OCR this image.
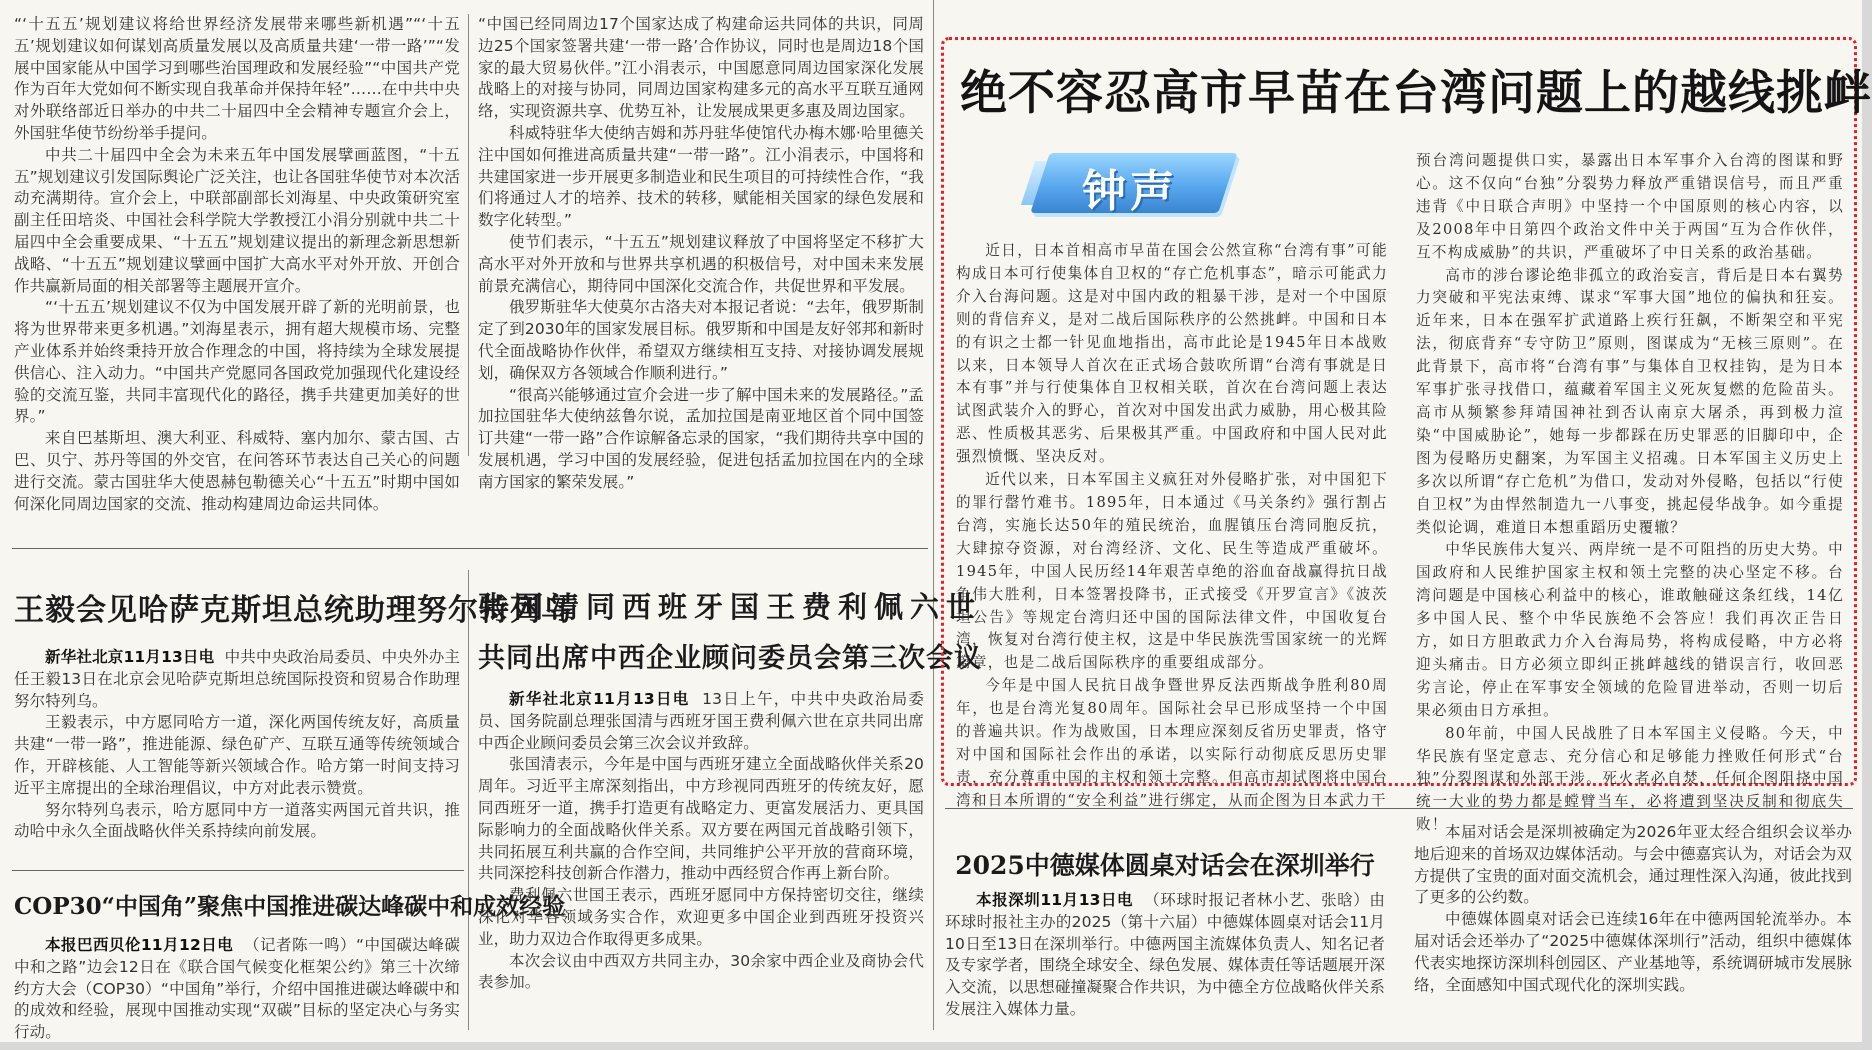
“‘十五五’规划建议将给世界经济发展带来哪些新机遇”“‘十五五’规划建议如何谋划高质量发展以及高质量共建‘一带一路’”“发展中国家能从中国学习到哪些治国理政和发展经验”“中国共产党作为百年大党如何不断实现自我革命并保持年轻”……在中共中央对外联络部近日举办的中共二十届四中全会精神专题宣介会上，外国驻华使节纷纷举手提问。

中共二十届四中全会为未来五年中国发展擘画蓝图，“十五五”规划建议引发国际舆论广泛关注，也让各国驻华使节对本次活动充满期待。宣介会上，中联部副部长刘海星、中央政策研究室副主任田培炎、中国社会科学院大学教授江小涓分别就中共二十届四中全会重要成果、“十五五”规划建议提出的新理念新思想新战略、“十五五”规划建议擘画中国扩大高水平对外开放、开创合作共赢新局面的相关部署等主题展开宣介。

“‘十五五’规划建议不仅为中国发展开辟了新的光明前景，也将为世界带来更多机遇。”刘海星表示，拥有超大规模市场、完整产业体系并始终秉持开放合作理念的中国，将持续为全球发展提供信心、注入动力。“中国共产党愿同各国政党加强现代化建设经验的交流互鉴，共同丰富现代化的路径，携手共建更加美好的世界。”

来自巴基斯坦、澳大利亚、科威特、塞内加尔、蒙古国、古巴、贝宁、苏丹等国的外交官，在问答环节表达自己关心的问题进行交流。蒙古国驻华大使恩赫包勒德关心“十五五”时期中国如何深化同周边国家的交流、推动构建周边命运共同体。

“中国已经同周边17个国家达成了构建命运共同体的共识，同周边25个国家签署共建‘一带一路’合作协议，同时也是周边18个国家的最大贸易伙伴。”江小涓表示，中国愿意同周边国家深化发展战略上的对接与协同，同周边国家构建多元的高水平互联互通网络，实现资源共享、优势互补，让发展成果更多惠及周边国家。

科威特驻华大使纳吉姆和苏丹驻华使馆代办梅木娜·哈里德关注中国如何推进高质量共建“一带一路”。江小涓表示，中国将和共建国家进一步开展更多制造业和民生项目的可持续性合作，“我们将通过人才的培养、技术的转移，赋能相关国家的绿色发展和数字化转型。”

使节们表示，“十五五”规划建议释放了中国将坚定不移扩大高水平对外开放和与世界共享机遇的积极信号，对中国未来发展前景充满信心，期待同中国深化交流合作，共促世界和平发展。

俄罗斯驻华大使莫尔古洛夫对本报记者说：“去年，俄罗斯制定了到2030年的国家发展目标。俄罗斯和中国是友好邻邦和新时代全面战略协作伙伴，希望双方继续相互支持、对接协调发展规划，确保双方各领域合作顺利进行。”

“很高兴能够通过宣介会进一步了解中国未来的发展路径。”孟加拉国驻华大使纳兹鲁尔说，孟加拉国是南亚地区首个同中国签订共建“一带一路”合作谅解备忘录的国家，“我们期待共享中国的发展机遇，学习中国的发展经验，促进包括孟加拉国在内的全球南方国家的繁荣发展。”

王毅会见哈萨克斯坦总统助理努尔特列乌

新华社北京11月13日电 中共中央政治局委员、中央外办主任王毅13日在北京会见哈萨克斯坦总统国际投资和贸易合作助理努尔特列乌。

王毅表示，中方愿同哈方一道，深化两国传统友好，高质量共建“一带一路”，推进能源、绿色矿产、互联互通等传统领域合作，开辟核能、人工智能等新兴领域合作。哈方第一时间支持习近平主席提出的全球治理倡议，中方对此表示赞赏。

努尔特列乌表示，哈方愿同中方一道落实两国元首共识，推动哈中永久全面战略伙伴关系持续向前发展。

COP30“中国角”聚焦中国推进碳达峰碳中和成效经验

本报巴西贝伦11月12日电 （记者陈一鸣）“中国碳达峰碳中和之路”边会12日在《联合国气候变化框架公约》第三十次缔约方大会（COP30）“中国角”举行，介绍中国推进碳达峰碳中和的成效和经验，展现中国推动实现“双碳”目标的坚定决心与务实行动。

张国清同西班牙国王费利佩六世
共同出席中西企业顾问委员会第三次会议

新华社北京11月13日电 13日上午，中共中央政治局委员、国务院副总理张国清与西班牙国王费利佩六世在京共同出席中西企业顾问委员会第三次会议并致辞。

张国清表示，今年是中国与西班牙建立全面战略伙伴关系20周年。习近平主席深刻指出，中方珍视同西班牙的传统友好，愿同西班牙一道，携手打造更有战略定力、更富发展活力、更具国际影响力的全面战略伙伴关系。双方要在两国元首战略引领下，共同拓展互利共赢的合作空间，共同维护公平开放的营商环境，共同深挖科技创新合作潜力，推动中西经贸合作再上新台阶。

费利佩六世国王表示，西班牙愿同中方保持密切交往，继续深化对华各领域务实合作，欢迎更多中国企业到西班牙投资兴业，助力双边合作取得更多成果。

本次会议由中西双方共同主办，30余家中西企业及商协会代表参加。

绝不容忍高市早苗在台湾问题上的越线挑衅
钟声

近日，日本首相高市早苗在国会公然宣称“台湾有事”可能构成日本可行使集体自卫权的“存亡危机事态”，暗示可能武力介入台海问题。这是对中国内政的粗暴干涉，是对一个中国原则的背信弃义，是对二战后国际秩序的公然挑衅。中国和日本的有识之士都一针见血地指出，高市此论是1945年日本战败以来，日本领导人首次在正式场合鼓吹所谓“台湾有事就是日本有事”并与行使集体自卫权相关联，首次在台湾问题上表达试图武装介入的野心，首次对中国发出武力威胁，用心极其险恶、性质极其恶劣、后果极其严重。中国政府和中国人民对此强烈愤慨、坚决反对。

近代以来，日本军国主义疯狂对外侵略扩张，对中国犯下的罪行罄竹难书。1895年，日本通过《马关条约》强行割占台湾，实施长达50年的殖民统治，血腥镇压台湾同胞反抗，大肆掠夺资源，对台湾经济、文化、民生等造成严重破坏。1945年，中国人民历经14年艰苦卓绝的浴血奋战赢得抗日战争伟大胜利，日本签署投降书，正式接受《开罗宣言》《波茨坦公告》等规定台湾归还中国的国际法律文件，中国收复台湾，恢复对台湾行使主权，这是中华民族洗雪国家统一的光辉篇章，也是二战后国际秩序的重要组成部分。

今年是中国人民抗日战争暨世界反法西斯战争胜利80周年，也是台湾光复80周年。国际社会早已形成坚持一个中国的普遍共识。作为战败国，日本理应深刻反省历史罪责，恪守对中国和国际社会作出的承诺，以实际行动彻底反思历史罪责，充分尊重中国的主权和领土完整。但高市却试图将中国台湾和日本所谓的“安全利益”进行绑定，从而企图为日本武力干

预台湾问题提供口实，暴露出日本军事介入台湾的图谋和野心。这不仅向“台独”分裂势力释放严重错误信号，而且严重违背《中日联合声明》中坚持一个中国原则的核心内容，以及2008年中日第四个政治文件中关于两国“互为合作伙伴，互不构成威胁”的共识，严重破坏了中日关系的政治基础。

高市的涉台谬论绝非孤立的政治妄言，背后是日本右翼势力突破和平宪法束缚、谋求“军事大国”地位的偏执和狂妄。近年来，日本在强军扩武道路上疾行狂飙，不断架空和平宪法，彻底背弃“专守防卫”原则，图谋成为“无核三原则”。在此背景下，高市将“台湾有事”与集体自卫权挂钩，是为日本军事扩张寻找借口，蕴藏着军国主义死灰复燃的危险苗头。高市从频繁参拜靖国神社到否认南京大屠杀，再到极力渲染“中国威胁论”，她每一步都踩在历史罪恶的旧脚印中，企图为侵略历史翻案，为军国主义招魂。日本军国主义历史上多次以所谓“存亡危机”为借口，发动对外侵略，包括以“行使自卫权”为由悍然制造九一八事变，挑起侵华战争。如今重提类似论调，难道日本想重蹈历史覆辙？

中华民族伟大复兴、两岸统一是不可阻挡的历史大势。中国政府和人民维护国家主权和领土完整的决心坚定不移。台湾问题是中国核心利益中的核心，谁敢触碰这条红线，14亿多中国人民、整个中华民族绝不会答应！我们再次正告日方，如日方胆敢武力介入台海局势，将构成侵略，中方必将迎头痛击。日方必须立即纠正挑衅越线的错误言行，收回恶劣言论，停止在军事安全领域的危险冒进举动，否则一切后果必须由日方承担。

80年前，中国人民战胜了日本军国主义侵略。今天，中华民族有坚定意志、充分信心和足够能力挫败任何形式“台独”分裂图谋和外部干涉。死火者必自焚，任何企图阻挠中国统一大业的势力都是螳臂当车，必将遭到坚决反制和彻底失败！

2025中德媒体圆桌对话会在深圳举行

本报深圳11月13日电 （环球时报记者林小艺、张晗）由环球时报社主办的2025（第十六届）中德媒体圆桌对话会11月10日至13日在深圳举行。中德两国主流媒体负责人、知名记者及专家学者，围绕全球安全、绿色发展、媒体责任等话题展开深入交流，以思想碰撞凝聚合作共识，为中德全方位战略伙伴关系发展注入媒体力量。

本届对话会是深圳被确定为2026年亚太经合组织会议举办地后迎来的首场双边媒体活动。与会中德嘉宾认为，对话会为双方提供了宝贵的面对面交流机会，通过理性深入沟通，彼此找到了更多的公约数。

中德媒体圆桌对话会已连续16年在中德两国轮流举办。本届对话会还举办了“2025中德媒体深圳行”活动，组织中德媒体代表实地探访深圳科创园区、产业基地等，系统调研城市发展脉络，全面感知中国式现代化的深圳实践。
